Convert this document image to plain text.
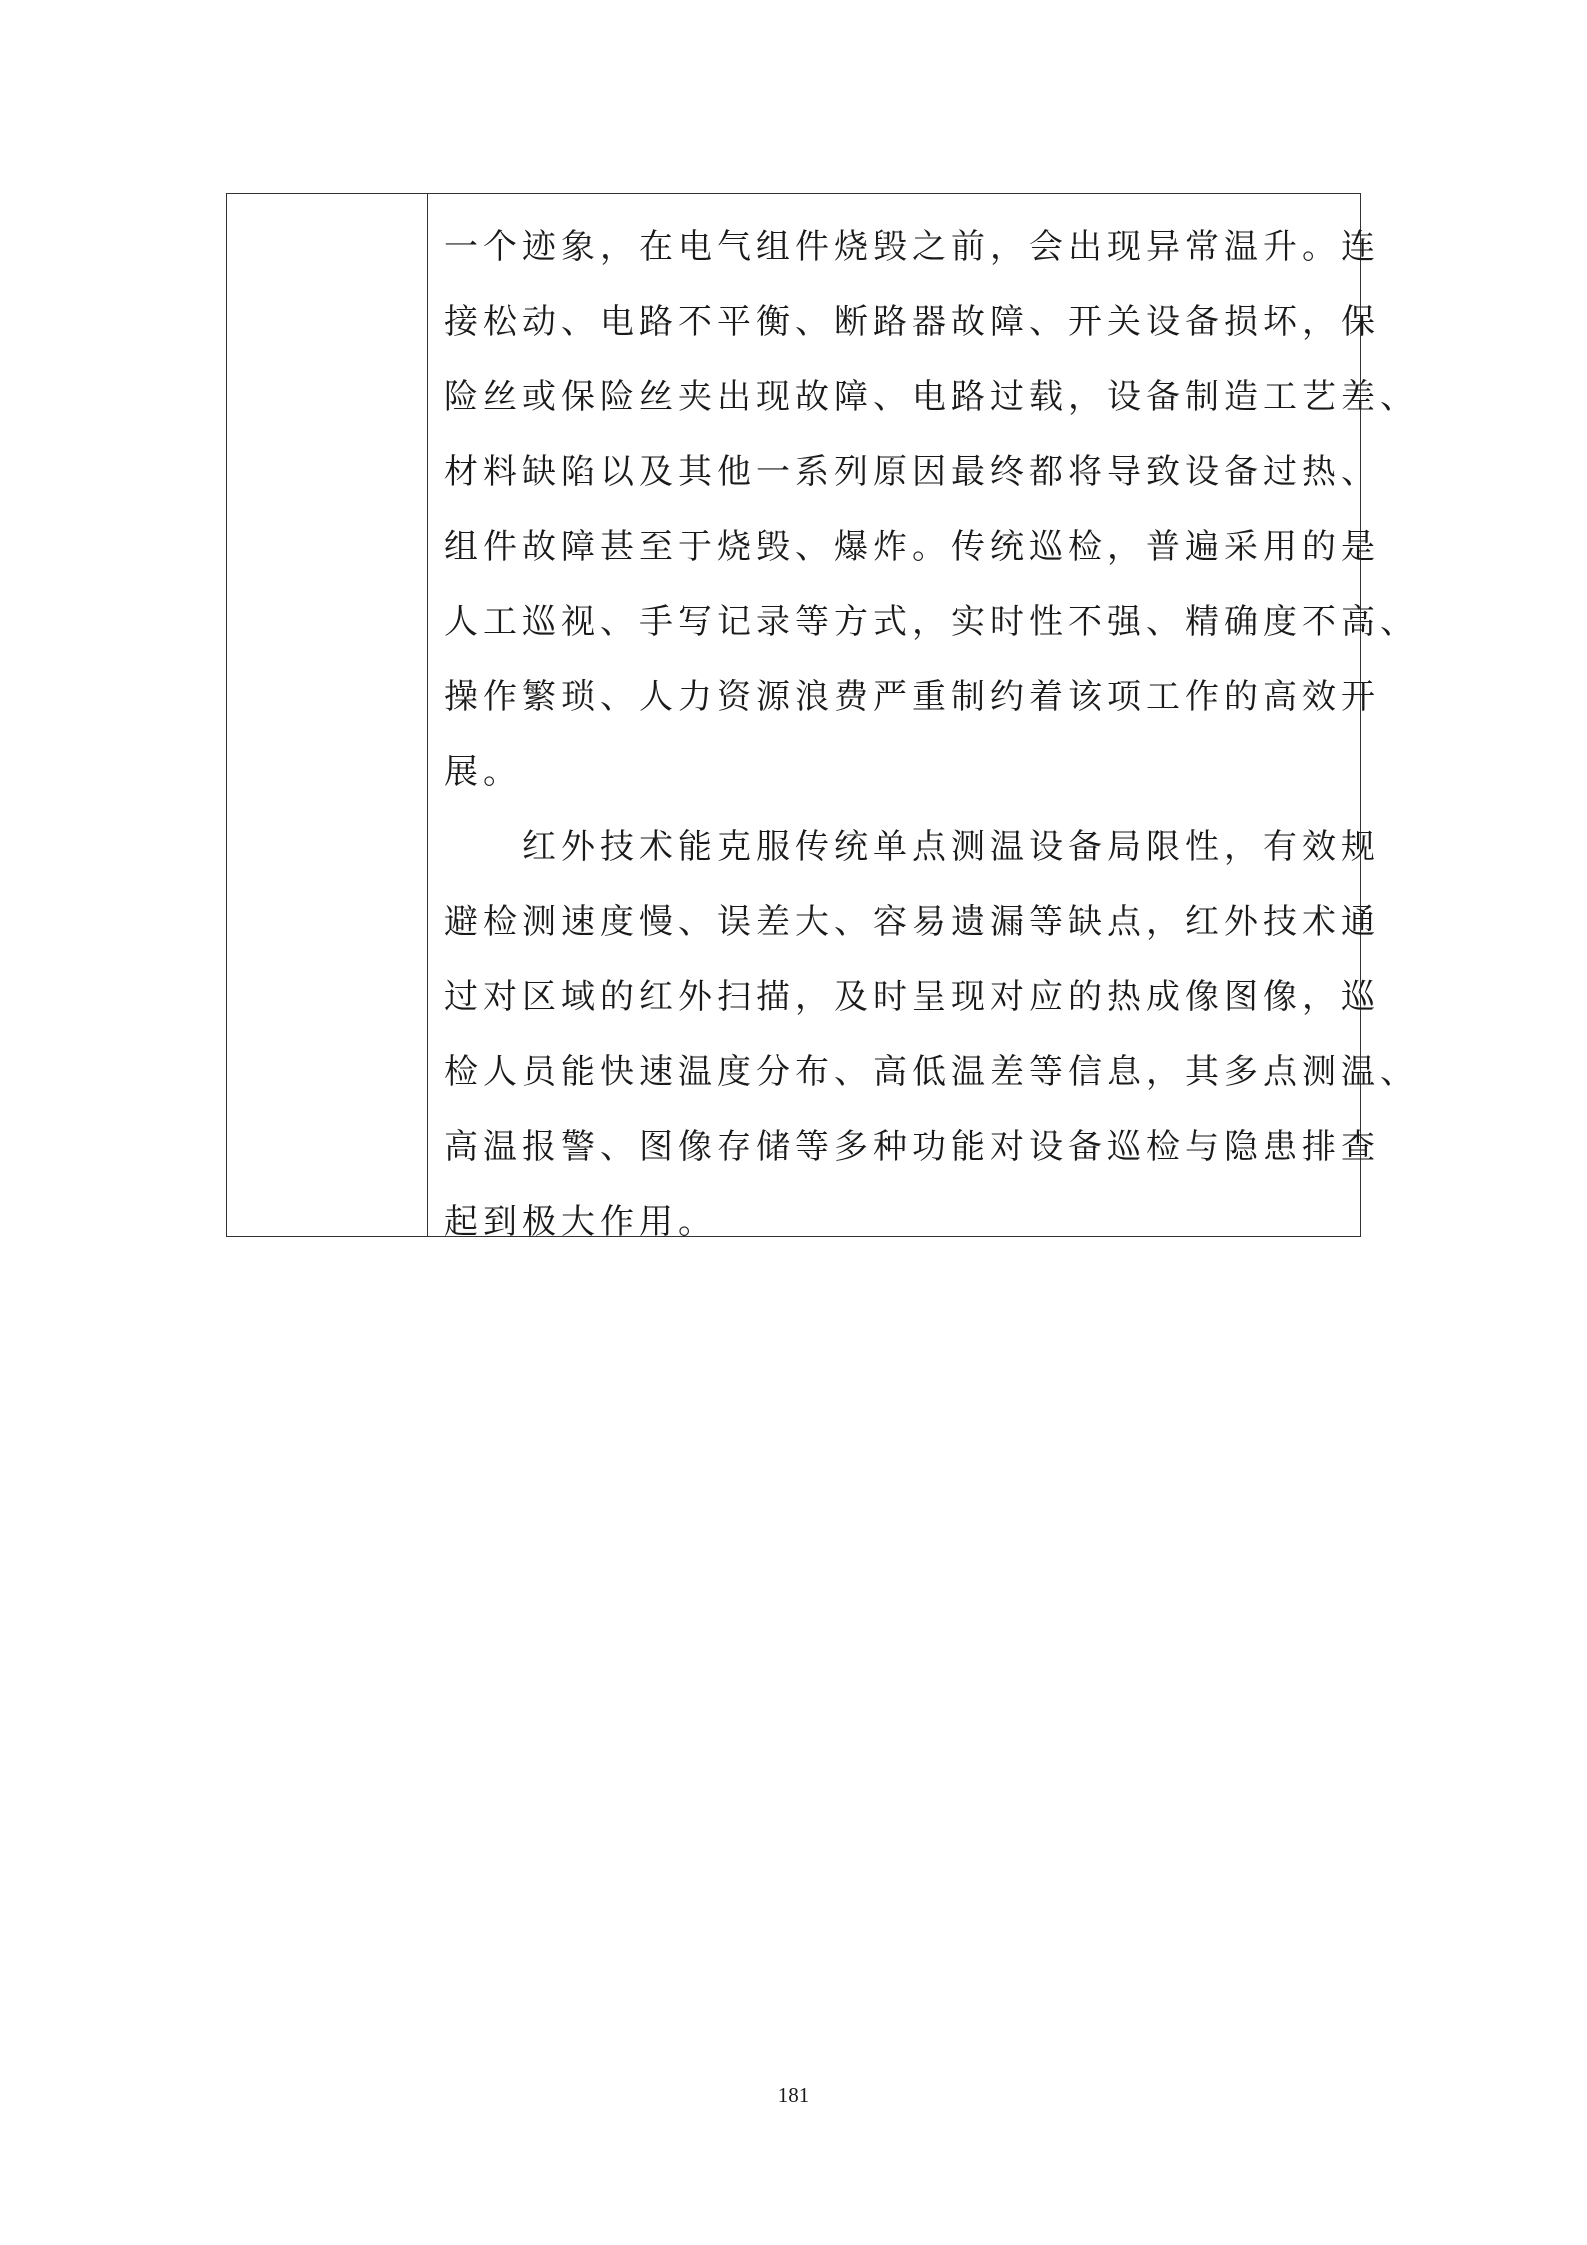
一个迹象，在电气组件烧毁之前，会出现异常温升。连
接松动、电路不平衡、断路器故障、开关设备损坏，保
险丝或保险丝夹出现故障、电路过载，设备制造工艺差、
材料缺陷以及其他一系列原因最终都将导致设备过热、
组件故障甚至于烧毁、爆炸。传统巡检，普遍采用的是
人工巡视、手写记录等方式，实时性不强、精确度不高、
操作繁琐、人力资源浪费严重制约着该项工作的高效开
展。
红外技术能克服传统单点测温设备局限性，有效规
避检测速度慢、误差大、容易遗漏等缺点，红外技术通
过对区域的红外扫描，及时呈现对应的热成像图像，巡
检人员能快速温度分布、高低温差等信息，其多点测温、
高温报警、图像存储等多种功能对设备巡检与隐患排查
起到极大作用。
181
